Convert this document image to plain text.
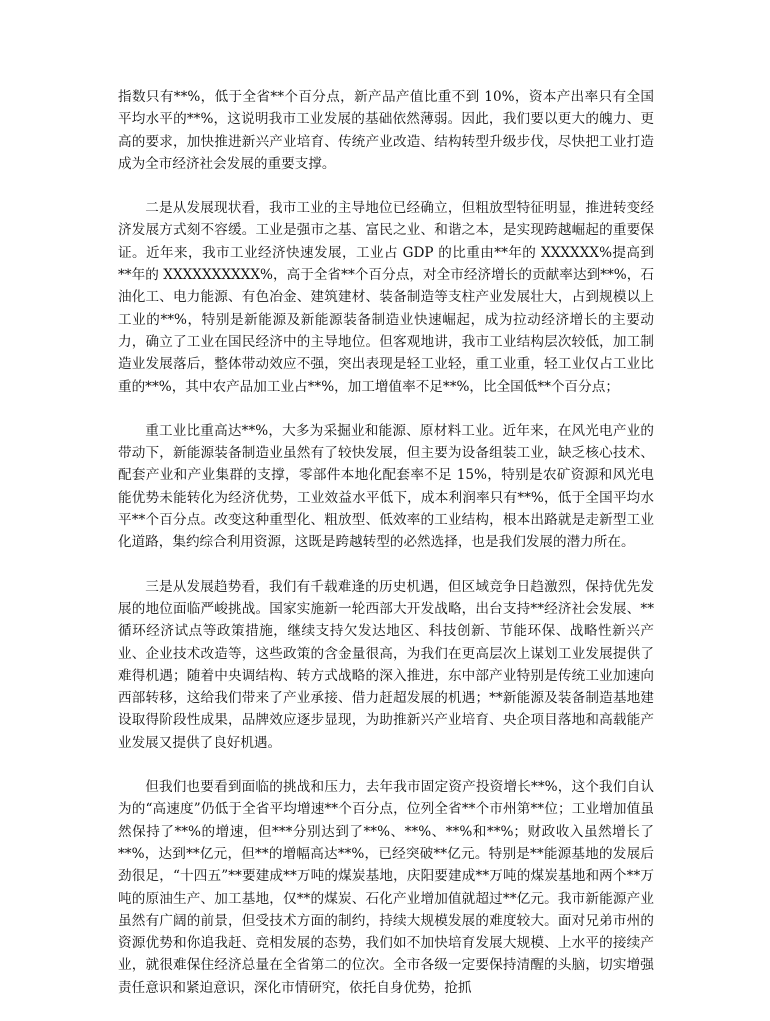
指数只有**%，低于全省**个百分点，新产品产值比重不到 10%，资本产出率只有全国平均水平的**%，这说明我市工业发展的基础依然薄弱。因此，我们要以更大的魄力、更高的要求，加快推进新兴产业培育、传统产业改造、结构转型升级步伐，尽快把工业打造成为全市经济社会发展的重要支撑。

二是从发展现状看，我市工业的主导地位已经确立，但粗放型特征明显，推进转变经济发展方式刻不容缓。工业是强市之基、富民之业、和谐之本，是实现跨越崛起的重要保证。近年来，我市工业经济快速发展，工业占 GDP 的比重由**年的 XXXXXX%提高到**年的 XXXXXXXXXX%，高于全省**个百分点，对全市经济增长的贡献率达到**%，石油化工、电力能源、有色冶金、建筑建材、装备制造等支柱产业发展壮大，占到规模以上工业的**%，特别是新能源及新能源装备制造业快速崛起，成为拉动经济增长的主要动力，确立了工业在国民经济中的主导地位。但客观地讲，我市工业结构层次较低，加工制造业发展落后，整体带动效应不强，突出表现是轻工业轻，重工业重，轻工业仅占工业比重的**%，其中农产品加工业占**%，加工增值率不足**%，比全国低**个百分点；

重工业比重高达**%，大多为采掘业和能源、原材料工业。近年来，在风光电产业的带动下，新能源装备制造业虽然有了较快发展，但主要为设备组装工业，缺乏核心技术、配套产业和产业集群的支撑，零部件本地化配套率不足 15%，特别是农矿资源和风光电能优势未能转化为经济优势，工业效益水平低下，成本利润率只有**%，低于全国平均水平**个百分点。改变这种重型化、粗放型、低效率的工业结构，根本出路就是走新型工业化道路，集约综合利用资源，这既是跨越转型的必然选择，也是我们发展的潜力所在。

三是从发展趋势看，我们有千载难逢的历史机遇，但区域竞争日趋激烈，保持优先发展的地位面临严峻挑战。国家实施新一轮西部大开发战略，出台支持**经济社会发展、**循环经济试点等政策措施，继续支持欠发达地区、科技创新、节能环保、战略性新兴产业、企业技术改造等，这些政策的含金量很高，为我们在更高层次上谋划工业发展提供了难得机遇；随着中央调结构、转方式战略的深入推进，东中部产业特别是传统工业加速向西部转移，这给我们带来了产业承接、借力赶超发展的机遇；**新能源及装备制造基地建设取得阶段性成果，品牌效应逐步显现，为助推新兴产业培育、央企项目落地和高载能产业发展又提供了良好机遇。

但我们也要看到面临的挑战和压力，去年我市固定资产投资增长**%，这个我们自认为的“高速度”仍低于全省平均增速**个百分点，位列全省**个市州第**位；工业增加值虽然保持了**%的增速，但***分别达到了**%、**%、**%和**%；财政收入虽然增长了**%，达到**亿元，但**的增幅高达**%，已经突破**亿元。特别是**能源基地的发展后劲很足，“十四五”**要建成**万吨的煤炭基地，庆阳要建成**万吨的煤炭基地和两个**万吨的原油生产、加工基地，仅**的煤炭、石化产业增加值就超过**亿元。我市新能源产业虽然有广阔的前景，但受技术方面的制约，持续大规模发展的难度较大。面对兄弟市州的资源优势和你追我赶、竞相发展的态势，我们如不加快培育发展大规模、上水平的接续产业，就很难保住经济总量在全省第二的位次。全市各级一定要保持清醒的头脑，切实增强责任意识和紧迫意识，深化市情研究，依托自身优势，抢抓
